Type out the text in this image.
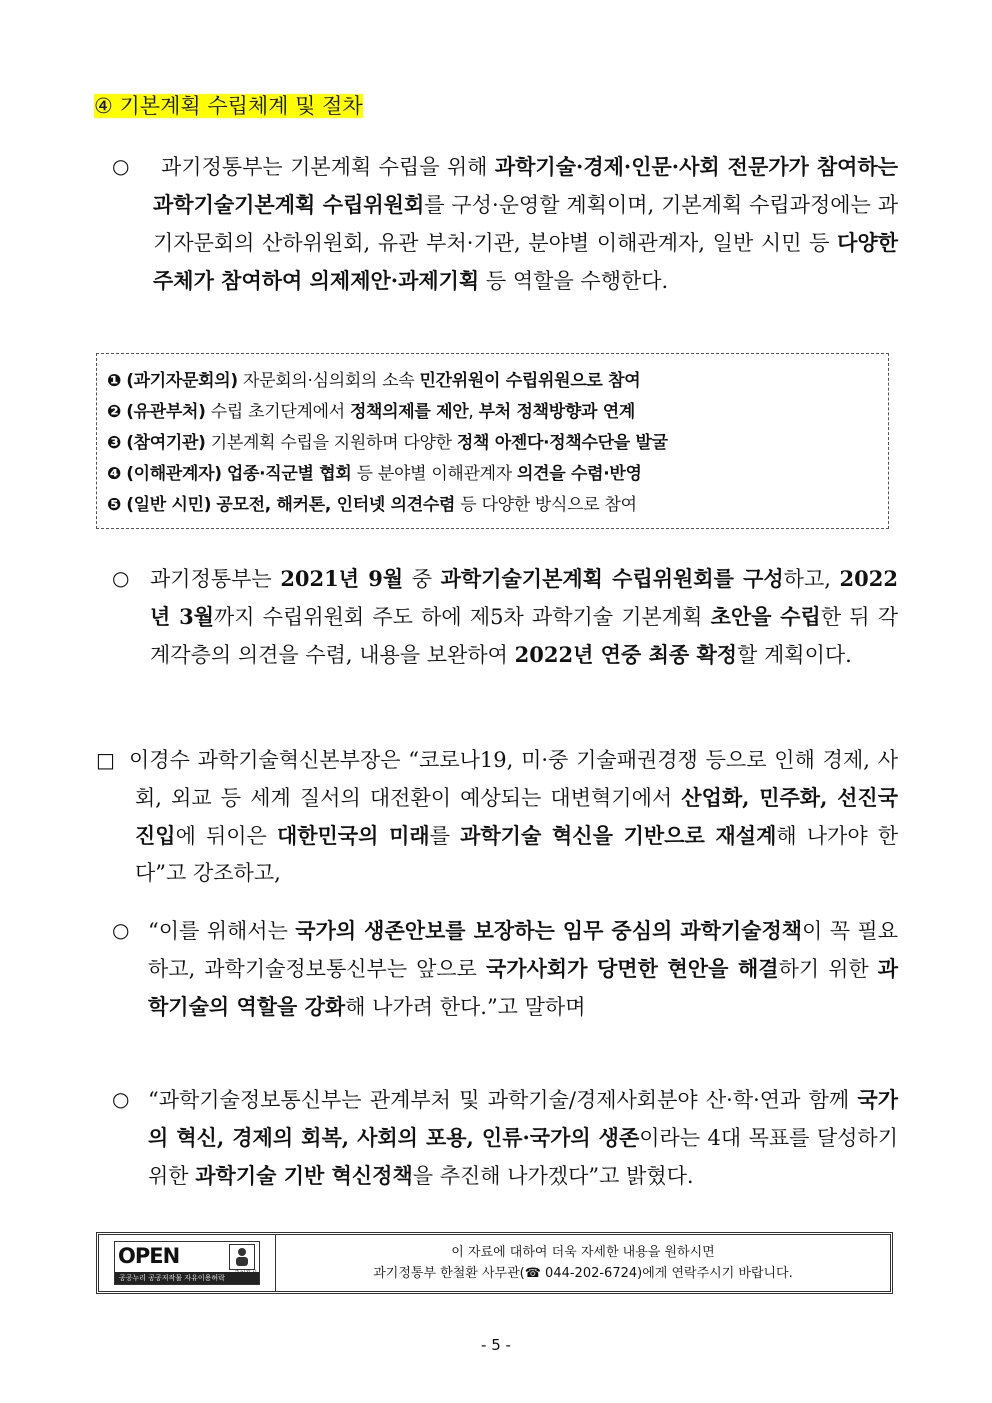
④ 기본계획 수립체계 및 절차
○	과기정통부는 기본계획 수립을 위해 과학기술·경제·인문·사회 전문가가 참여하는 과학기술기본계획 수립위원회를 구성·운영할 계획이며, 기본계획 수립과정에는 과기자문회의 산하위원회, 유관 부처·기관, 분야별 이해관계자, 일반 시민 등 다양한 주체가 참여하여 의제제안·과제기획 등 역할을 수행한다.

❶ (과기자문회의) 자문회의·심의회의 소속 민간위원이 수립위원으로 참여
❷ (유관부처) 수립 초기단계에서 정책의제를 제안, 부처 정책방향과 연계
❸ (참여기관) 기본계획 수립을 지원하며 다양한 정책 아젠다·정책수단을 발굴
❹ (이해관계자) 업종·직군별 협회 등 분야별 이해관계자 의견을 수렴·반영
❺ (일반 시민) 공모전, 해커톤, 인터넷 의견수렴 등 다양한 방식으로 참여
○ 과기정통부는 2021년 9월 중 과학기술기본계획 수립위원회를 구성하고, 2022년 3월까지 수립위원회 주도 하에 제5차 과학기술 기본계획 초안을 수립한 뒤 각계각층의 의견을 수렴, 내용을 보완하여 2022년 연중 최종 확정할 계획이다.

□ 이경수 과학기술혁신본부장은 “코로나19, 미·중 기술패권경쟁 등으로 인해 경제, 사회, 외교 등 세계 질서의 대전환이 예상되는 대변혁기에서 산업화, 민주화, 선진국 진입에 뒤이은 대한민국의 미래를 과학기술 혁신을 기반으로 재설계해 나가야 한다”고 강조하고,

○ “이를 위해서는 국가의 생존안보를 보장하는 임무 중심의 과학기술정책이 꼭 필요하고, 과학기술정보통신부는 앞으로 국가사회가 당면한 현안을 해결하기 위한 과학기술의 역할을 강화해 나가려 한다.”고 말하며

○ “과학기술정보통신부는 관계부처 및 과학기술/경제사회분야 산·학·연과 함께 국가의 혁신, 경제의 회복, 사회의 포용, 인류·국가의 생존이라는 4대 목표를 달성하기 위한 과학기술 기반 혁신정책을 추진해 나가겠다”고 밝혔다.

OPEN
공공누리 공공저작물 자유이용허락
이 자료에 대하여 더욱 자세한 내용을 원하시면
과기정통부 한철환 사무관(☎ 044-202-6724)에게 연락주시기 바랍니다.
- 5 -
